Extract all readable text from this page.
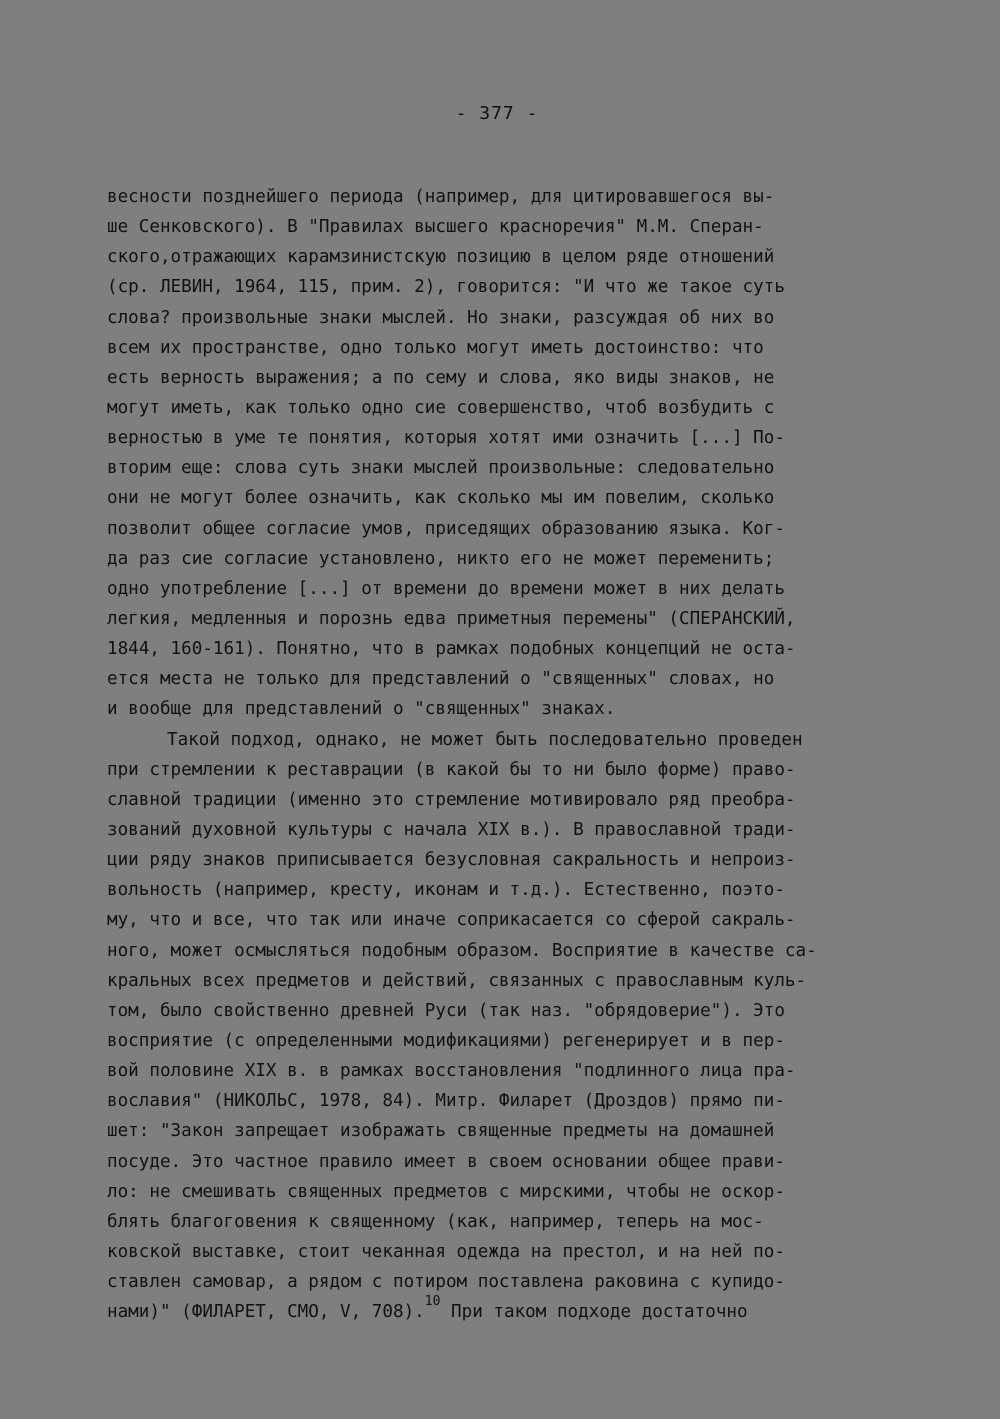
- 377 -
весности позднейшего периода (например, для цитировавшегося вы-
ше Сенковского). В "Правилах высшего красноречия" М.М. Сперан-
ского,отражающих карамзинистскую позицию в целом ряде отношений
(ср. ЛЕВИН, 1964, 115, прим. 2), говорится: "И что же такое суть
слова? произвольные знаки мыслей. Но знаки, разсуждая об них во
всем их пространстве, одно только могут иметь достоинство: что
есть верность выражения; а по сему и слова, яко виды знаков, не
могут иметь, как только одно сие совершенство, чтоб возбудить с
верностью в уме те понятия, которыя хотят ими означить [...] По-
вторим еще: слова суть знаки мыслей произвольные: следовательно
они не могут более означить, как сколько мы им повелим, сколько
позволит общее согласие умов, приседящих образованию языка. Ког-
да раз сие согласие установлено, никто его не может переменить;
одно употребление [...] от времени до времени может в них делать
легкия, медленныя и порознь едва приметныя перемены" (СПЕРАНСКИЙ,
1844, 160-161). Понятно, что в рамках подобных концепций не оста-
ется места не только для представлений о "священных" словах, но
и вообще для представлений о "священных" знаках.
Такой подход, однако, не может быть последовательно проведен
при стремлении к реставрации (в какой бы то ни было форме) право-
славной традиции (именно это стремление мотивировало ряд преобра-
зований духовной культуры с начала XIX в.). В православной тради-
ции ряду знаков приписывается безусловная сакральность и непроиз-
вольность (например, кресту, иконам и т.д.). Естественно, поэто-
му, что и все, что так или иначе соприкасается со сферой сакраль-
ного, может осмысляться подобным образом. Восприятие в качестве са-
кральных всех предметов и действий, связанных с православным куль-
том, было свойственно древней Руси (так наз. "обрядоверие"). Это
восприятие (с определенными модификациями) регенерирует и в пер-
вой половине XIX в. в рамках восстановления "подлинного лица пра-
вославия" (НИКОЛЬС, 1978, 84). Митр. Филарет (Дроздов) прямо пи-
шет: "Закон запрещает изображать священные предметы на домашней
посуде. Это частное правило имеет в своем основании общее прави-
ло: не смешивать священных предметов с мирскими, чтобы не оскор-
блять благоговения к священному (как, например, теперь на мос-
ковской выставке, стоит чеканная одежда на престол, и на ней по-
ставлен самовар, а рядом с потиром поставлена раковина с купидо-
нами)" (ФИЛАРЕТ, СМО, V, 708).$^{10}$ При таком подходе достаточно
